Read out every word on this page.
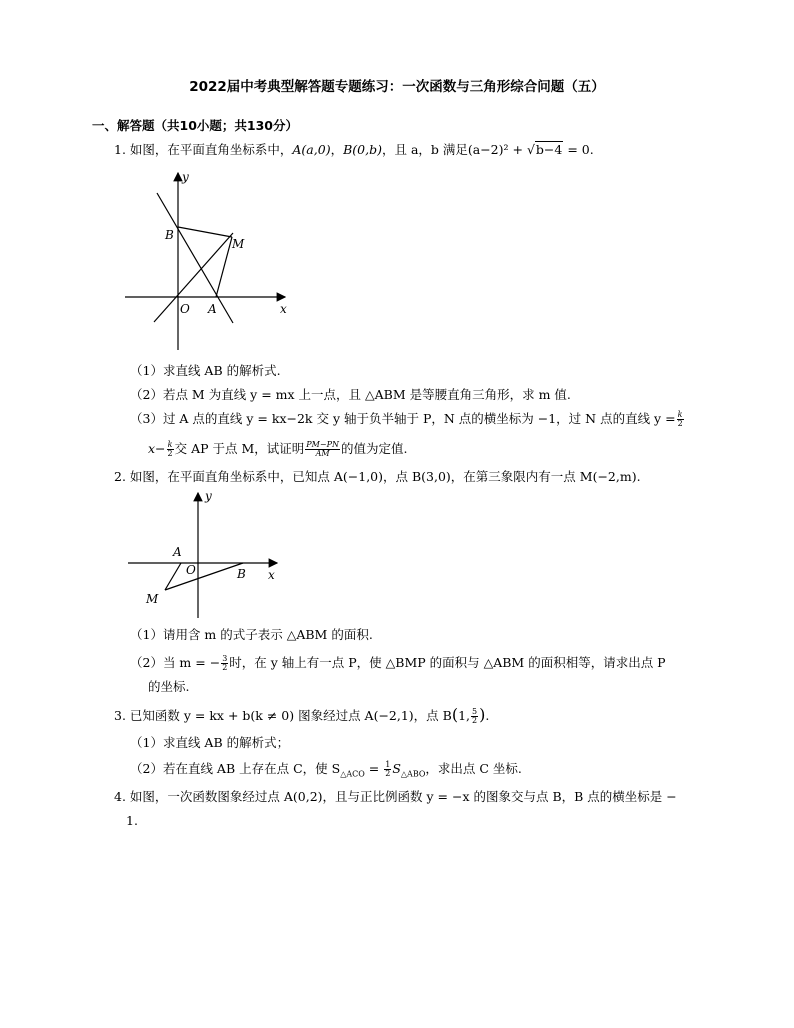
2022届中考典型解答题专题练习：一次函数与三角形综合问题（五）
一、解答题（共10小题；共130分）
1. 如图，在平面直角坐标系中，A(a,0)，B(0,b)，且 a，b 满足(a−2)² + √b−4 = 0.
y
B
M
O A	x
（1）求直线 AB 的解析式.
（2）若点 M 为直线 y = mx 上一点，且 △ABM 是等腰直角三角形，求 m 值.
（3）过 A 点的直线 y = kx−2k 交 y 轴于负半轴于 P，N 点的横坐标为 −1，过 N 点的直线 $y = \frac{k}{2}$
$x- \frac{k}{2}$ 交 AP 于点 M，试证明 $\frac{PM-PN}{AM}$ 的值为定值.
2. 如图，在平面直角坐标系中，已知点 A(−1,0)，点 B(3,0)，在第三象限内有一点 M(−2,m).
y
A
O	B
M
x
（1）请用含 m 的式子表示 △ABM 的面积.
（2）当 m = − $\frac{3}{2}$ 时，在 y 轴上有一点 P，使 △BMP 的面积与 △ABM 的面积相等，请求出点 P
的坐标.
3. 已知函数 y = kx + b(k ≠ 0) 图象经过点 A(−2,1)，点 B(1, $\frac{5}{2}$ ).
（1）求直线 AB 的解析式；
（2）若在直线 AB 上存在点 C，使 $S_{\triangle ACO} = \frac{1}{2} S_{\triangle ABO}$，求出点 C 坐标.
4. 如图，一次函数图象经过点 A(0,2)，且与正比例函数 y = −x 的图象交与点 B，B 点的横坐标是 −
1.
